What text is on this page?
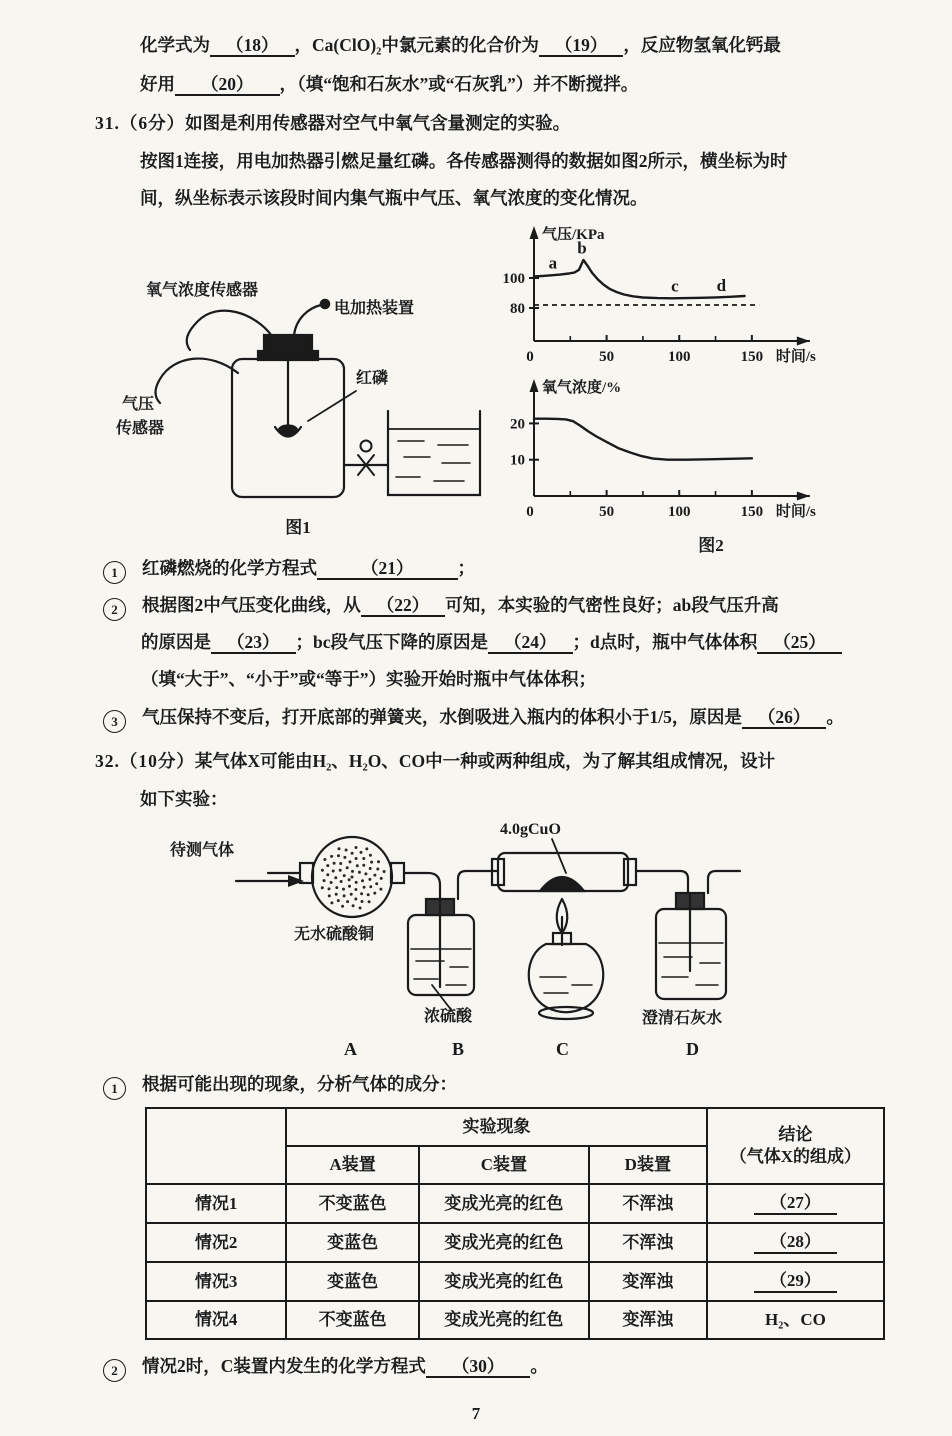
化学式为 （18） ，Ca(ClO)₂中氯元素的化合价为 （19） ，反应物氢氧化钙最
好用 （20） ，（填“饱和石灰水”或“石灰乳”）并不断搅拌。
31.（6分）如图是利用传感器对空气中氧气含量测定的实验。
按图1连接，用电加热器引燃足量红磷。各传感器测得的数据如图2所示，横坐标为时
间，纵坐标表示该段时间内集气瓶中气压、氧气浓度的变化情况。
氧气浓度传感器
电加热装置
红磷
气压
传感器
图1
100
80
0	50	100	150
气压/KPa
时间/s
a
b
c d

20
10
0	50	100	150
氧气浓度/%
时间/s
图2
1 红磷燃烧的化学方程式	（21）	；
2 根据图2中气压变化曲线，从 （22） 可知，本实验的气密性良好；ab段气压升高
的原因是 （23） ；bc段气压下降的原因是 （24） ；d点时，瓶中气体体积 （25）
（填“大于”、“小于”或“等于”）实验开始时瓶中气体体积；
3 气压保持不变后，打开底部的弹簧夹，水倒吸进入瓶内的体积小于1/5，原因是 （26） 。
32.（10分）某气体X可能由H₂、H₂O、CO中一种或两种组成，为了解其组成情况，设计
如下实验：
待测气体
4.0gCuO
无水硫酸铜
浓硫酸	澄清石灰水
A	B	C	D
1 根据可能出现的现象，分析气体的成分：
	实验现象			结论
（气体X的组成）

	A装置	C装置	D装置	
情况1	不变蓝色	变成光亮的红色	不浑浊	（27）
情况2	变蓝色	变成光亮的红色	不浑浊	（28）
情况3	变蓝色	变成光亮的红色	变浑浊	（29）
情况4	不变蓝色	变成光亮的红色	变浑浊	H₂、CO
2 情况2时，C装置内发生的化学方程式 （30） 。
7
